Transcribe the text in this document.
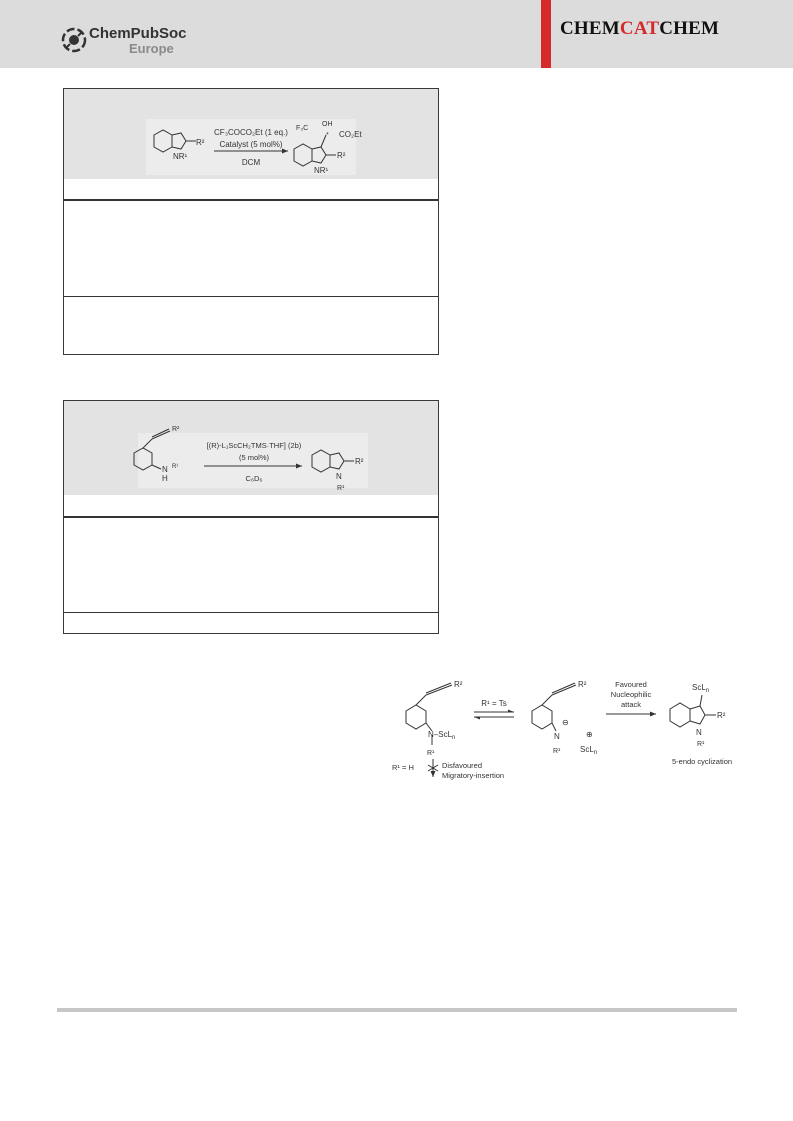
ChemPubSoc
Europe
CHEMCATCHEM
R²
NR¹
CF₃COCO₂Et (1 eq.)
Catalyst (5 mol%)
DCM
F₃C
OH
* CO₂Et
R²
NR¹
R²
N R¹
H
[(R)-L₁ScCH₂TMS·THF] (2b)
(5 mol%)
C₆D₆
R²
N
R¹
R²
N–ScL$_n$
R¹
R¹ = Ts
R²
N
⊖
R¹
⊕
ScL$_n$
Favoured
Nucleophilic
attack
ScL$_n$
R²
N
R¹
5-endo cyclization
R¹ = H	Disfavoured
Migratory-insertion
